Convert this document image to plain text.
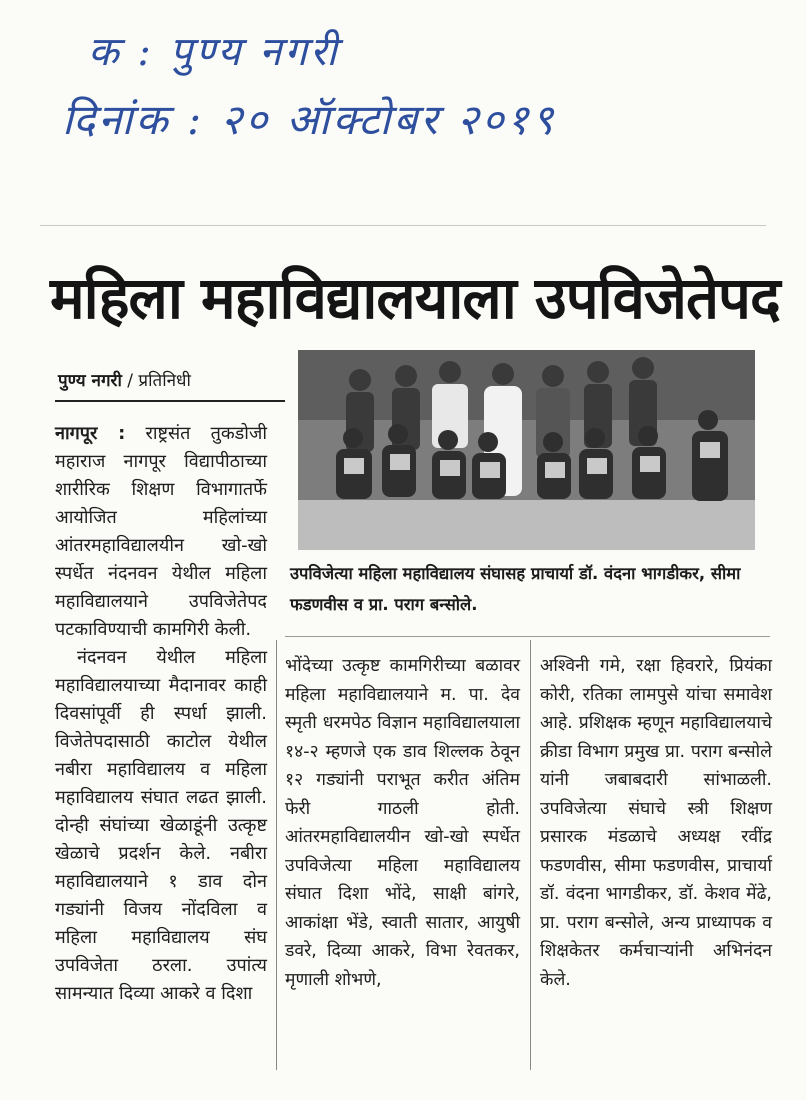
क : पुण्य नगरी
दिनांक : २० ऑक्टोबर २०१९
महिला महाविद्यालयाला उपविजेतेपद
पुण्य नगरी / प्रतिनिधी

उपविजेत्या महिला महाविद्यालय संघासह प्राचार्या डॉ. वंदना भागडीकर, सीमा फडणवीस व प्रा. पराग बन्सोले.

नागपूर : राष्ट्रसंत तुकडोजी महाराज नागपूर विद्यापीठाच्या शारीरिक शिक्षण विभागातर्फे आयोजित महिलांच्या आंतरमहाविद्यालयीन खो-खो स्पर्धेत नंदनवन येथील महिला महाविद्यालयाने उपविजेतेपद पटकाविण्याची कामगिरी केली.

नंदनवन येथील महिला महाविद्यालयाच्या मैदानावर काही दिवसांपूर्वी ही स्पर्धा झाली. विजेतेपदासाठी काटोल येथील नबीरा महाविद्यालय व महिला महाविद्यालय संघात लढत झाली. दोन्ही संघांच्या खेळाडूंनी उत्कृष्ट खेळाचे प्रदर्शन केले. नबीरा महाविद्यालयाने १ डाव दोन गड्यांनी विजय नोंदविला व महिला महाविद्यालय संघ उपविजेता ठरला. उपांत्य सामन्यात दिव्या आकरे व दिशा

भोंदेच्या उत्कृष्ट कामगिरीच्या बळावर महिला महाविद्यालयाने म. पा. देव स्मृती धरमपेठ विज्ञान महाविद्यालयाला १४-२ म्हणजे एक डाव शिल्लक ठेवून १२ गड्यांनी पराभूत करीत अंतिम फेरी गाठली होती. आंतरमहाविद्यालयीन खो-खो स्पर्धेत उपविजेत्या महिला महाविद्यालय संघात दिशा भोंदे, साक्षी बांगरे, आकांक्षा भेंडे, स्वाती सातार, आयुषी डवरे, दिव्या आकरे, विभा रेवतकर, मृणाली शोभणे,

अश्विनी गमे, रक्षा हिवरारे, प्रियंका कोरी, रतिका लामपुसे यांचा समावेश आहे. प्रशिक्षक म्हणून महाविद्यालयाचे क्रीडा विभाग प्रमुख प्रा. पराग बन्सोले यांनी जबाबदारी सांभाळली. उपविजेत्या संघाचे स्त्री शिक्षण प्रसारक मंडळाचे अध्यक्ष रवींद्र फडणवीस, सीमा फडणवीस, प्राचार्या डॉ. वंदना भागडीकर, डॉ. केशव मेंढे, प्रा. पराग बन्सोले, अन्य प्राध्यापक व शिक्षकेतर कर्मचाऱ्यांनी अभिनंदन केले.
